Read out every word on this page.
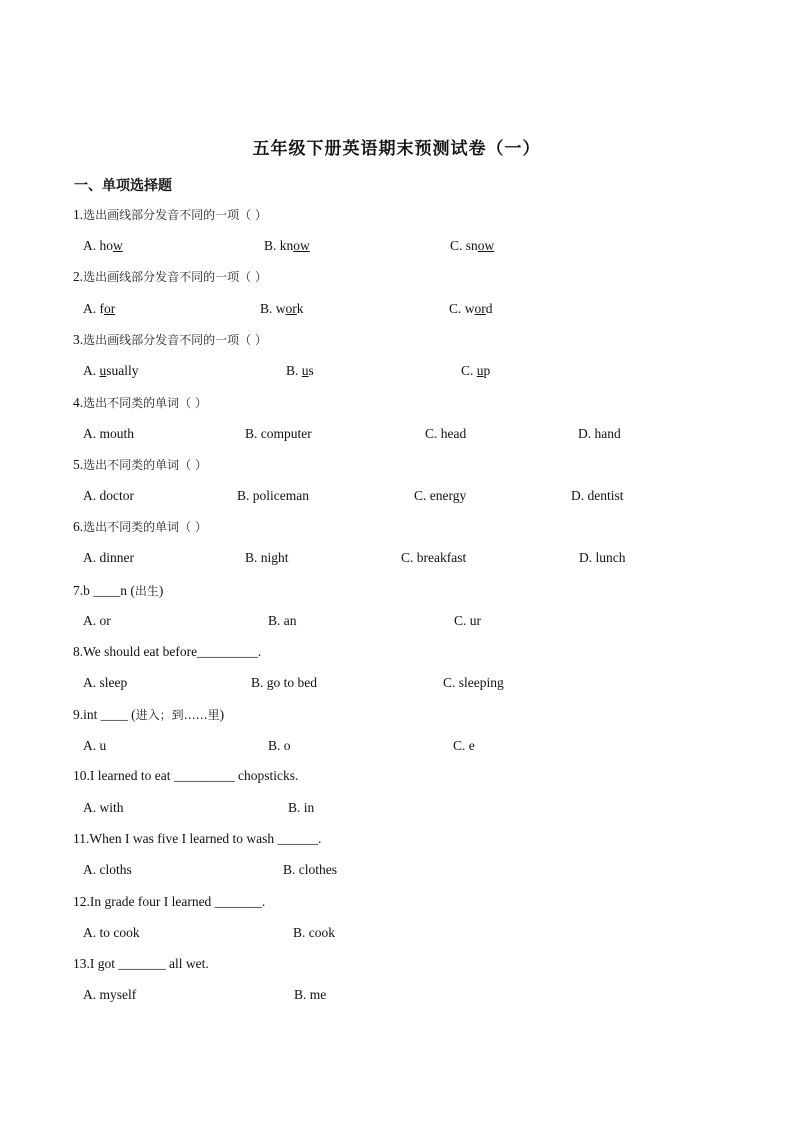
五年级下册英语期末预测试卷（一）
一、单项选择题
1.选出画线部分发音不同的一项（ ）
A. how	B. know	C. snow
2.选出画线部分发音不同的一项（ ）
A. for	B. work	C. word
3.选出画线部分发音不同的一项（ ）
A. usually	B. us	C. up
4.选出不同类的单词（ ）
A. mouth	B. computer	C. head	D. hand
5.选出不同类的单词（ ）
A. doctor	B. policeman	C. energy	D. dentist
6.选出不同类的单词（ ）
A. dinner	B. night	C. breakfast	D. lunch
7.b ____n (出生)
A. or	B. an	C. ur
8.We should eat before_________.
A. sleep	B. go to bed	C. sleeping
9.int ____ (进入；到……里)
A. u	B. o	C. e
10.I learned to eat _________ chopsticks.
A. with	B. in
11.When I was five I learned to wash ______.
A. cloths	B. clothes
12.In grade four I learned _______.
A. to cook	B. cook
13.I got _______ all wet.
A. myself	B. me
